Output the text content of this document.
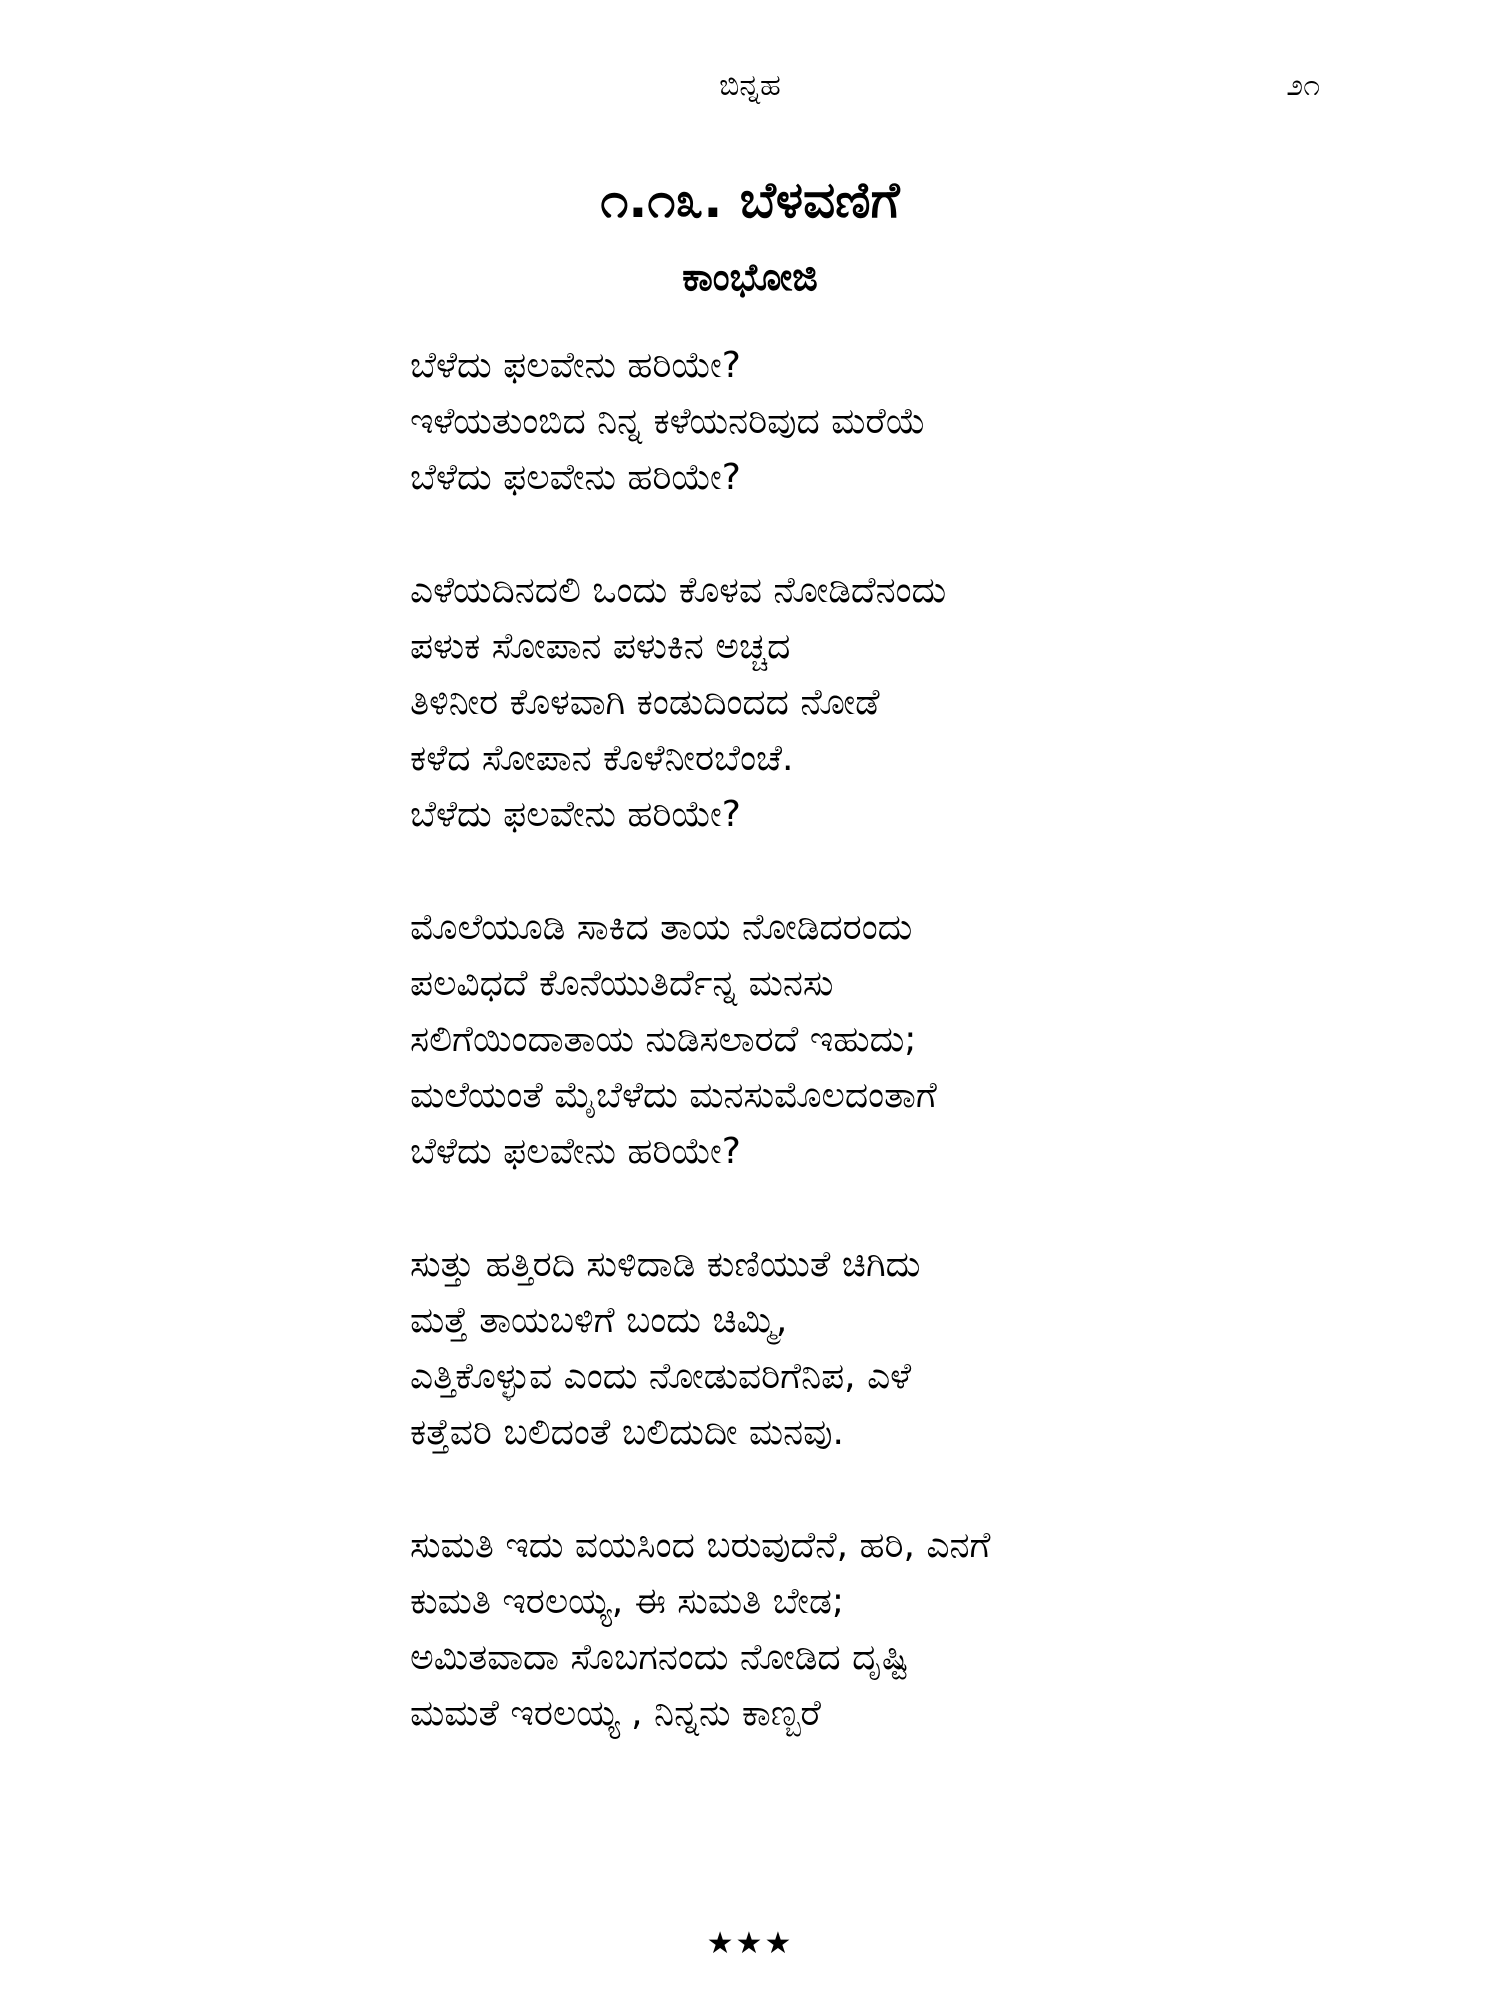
ಬಿನ್ನಹ	೨೧
೧.೧೩. ಬೆಳವಣಿಗೆ
ಕಾಂಭೋಜಿ
ಬೆಳೆದು ಫಲವೇನು ಹರಿಯೇ?
ಇಳೆಯತುಂಬಿದ ನಿನ್ನ ಕಳೆಯನರಿವುದ ಮರೆಯೆ
ಬೆಳೆದು ಫಲವೇನು ಹರಿಯೇ?
ಎಳೆಯದಿನದಲಿ ಒಂದು ಕೊಳವ ನೋಡಿದೆನಂದು
ಪಳುಕ ಸೋಪಾನ ಪಳುಕಿನ ಅಚ್ಚದ
ತಿಳಿನೀರ ಕೊಳವಾಗಿ ಕಂಡುದಿಂದದ ನೋಡೆ
ಕಳೆದ ಸೋಪಾನ ಕೊಳೆನೀರಬೆಂಚೆ.
ಬೆಳೆದು ಫಲವೇನು ಹರಿಯೇ?
ಮೊಲೆಯೂಡಿ ಸಾಕಿದ ತಾಯ ನೋಡಿದರಂದು
ಪಲವಿಧದೆ ಕೊನೆಯುತಿರ್ದೆನ್ನ ಮನಸು
ಸಲಿಗೆಯಿಂದಾತಾಯ ನುಡಿಸಲಾರದೆ ಇಹುದು;
ಮಲೆಯಂತೆ ಮೈಬೆಳೆದು ಮನಸುಮೊಲದಂತಾಗೆ
ಬೆಳೆದು ಫಲವೇನು ಹರಿಯೇ?
ಸುತ್ತು ಹತ್ತಿರದಿ ಸುಳಿದಾಡಿ ಕುಣಿಯುತೆ ಚಿಗಿದು
ಮತ್ತೆ ತಾಯಬಳಿಗೆ ಬಂದು ಚಿಮ್ಮಿ,
ಎತ್ತಿಕೊಳ್ಳುವ ಎಂದು ನೋಡುವರಿಗೆನಿಪ, ಎಳೆ
ಕತ್ತೆವರಿ ಬಲಿದಂತೆ ಬಲಿದುದೀ ಮನವು.
ಸುಮತಿ ಇದು ವಯಸಿಂದ ಬರುವುದೆನೆ, ಹರಿ, ಎನಗೆ
ಕುಮತಿ ಇರಲಯ್ಯ, ಈ ಸುಮತಿ ಬೇಡ;
ಅಮಿತವಾದಾ ಸೊಬಗನಂದು ನೋಡಿದ ದೃಷ್ಟಿ
ಮಮತೆ ಇರಲಯ್ಯ , ನಿನ್ನನು ಕಾಣ್ಬರೆ
★★★
